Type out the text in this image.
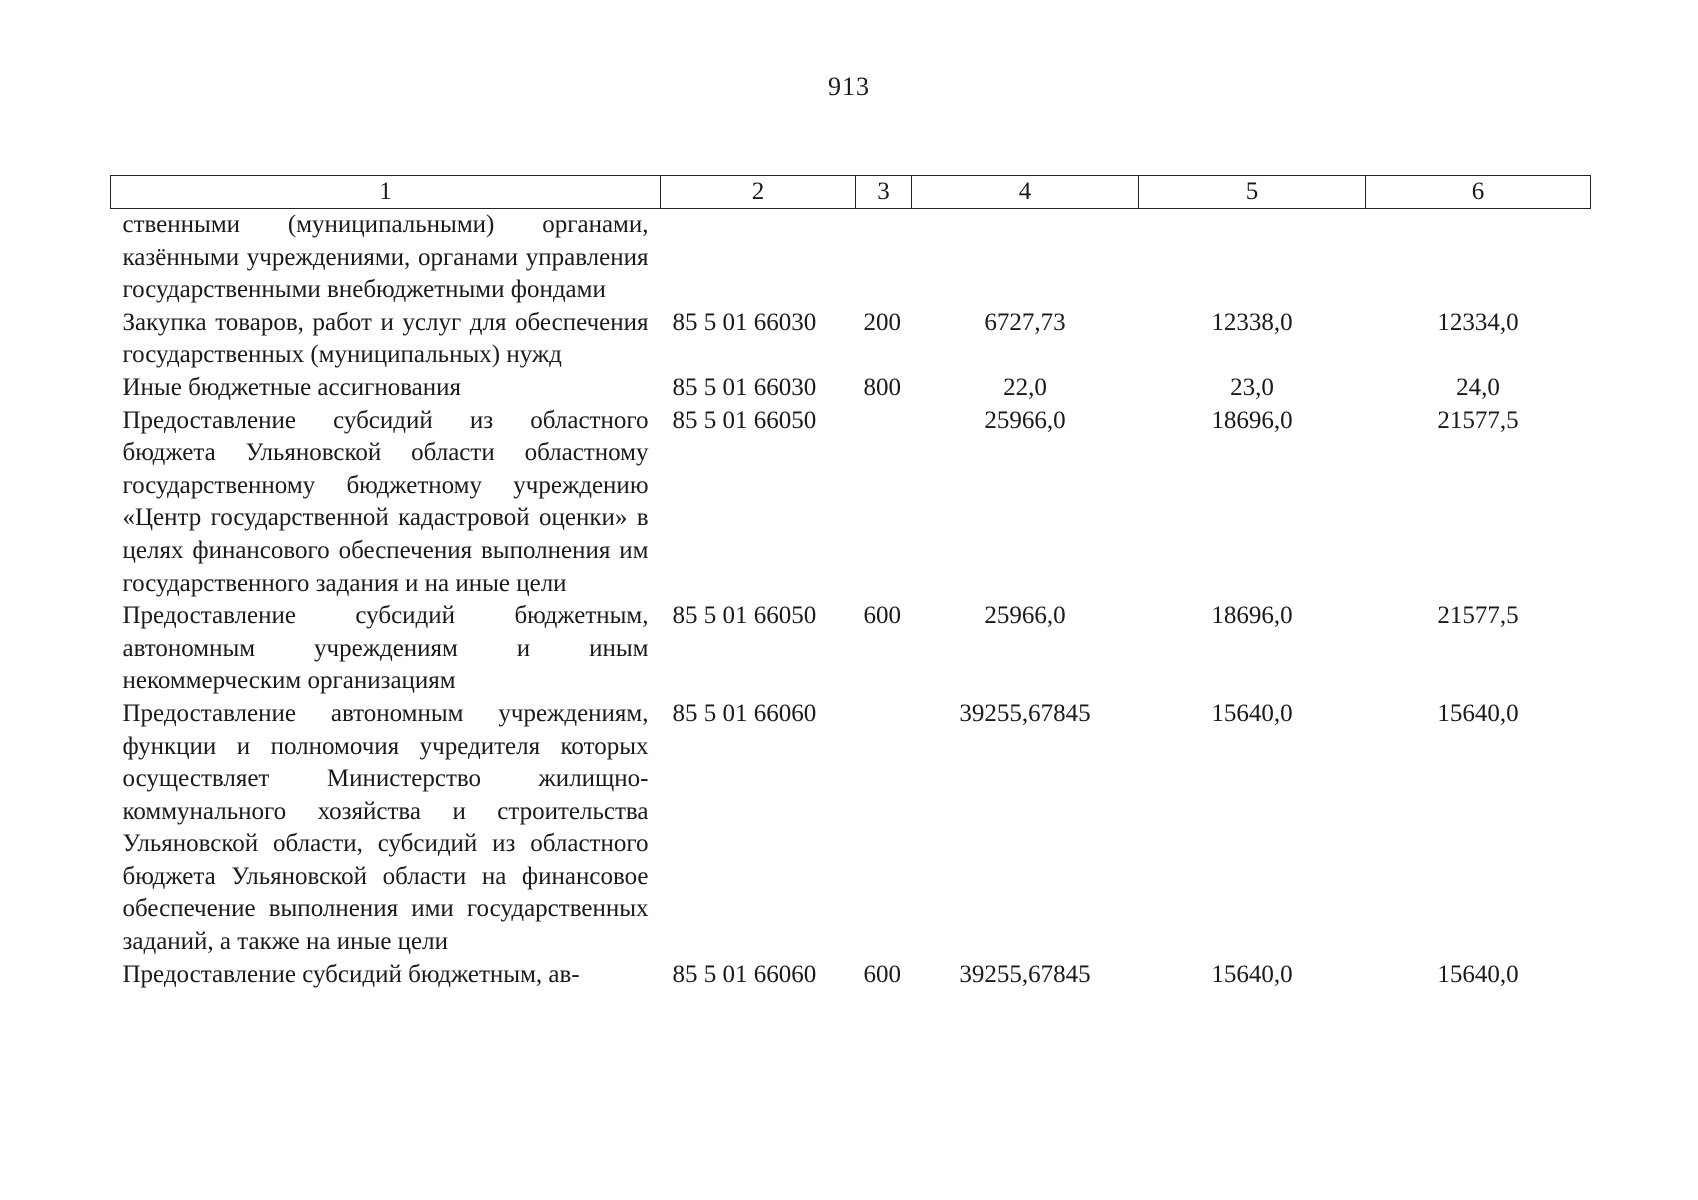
913
1	2	3	4	5	6
ственными (муниципальными) органами, казёнными учреждениями, органами управления государственными внебюджетными фондами					
Закупка товаров, работ и услуг для обеспечения государственных (муниципальных) нужд	85 5 01 66030	200	6727,73	12338,0	12334,0
Иные бюджетные ассигнования	85 5 01 66030	800	22,0	23,0	24,0
Предоставление субсидий из областного бюджета Ульяновской области областному государственному бюджетному учреждению «Центр государственной кадастровой оценки» в целях финансового обеспечения выполнения им государственного задания и на иные цели	85 5 01 66050		25966,0	18696,0	21577,5
Предоставление субсидий бюджетным, автономным учреждениям и иным некоммерческим организациям	85 5 01 66050	600	25966,0	18696,0	21577,5
Предоставление автономным учреждениям, функции и полномочия учредителя которых осуществляет Министерство жилищно-коммунального хозяйства и строительства Ульяновской области, субсидий из областного бюджета Ульяновской области на финансовое обеспечение выполнения ими государственных заданий, а также на иные цели	85 5 01 66060		39255,67845	15640,0	15640,0
Предоставление субсидий бюджетным, ав-	85 5 01 66060	600	39255,67845	15640,0	15640,0
